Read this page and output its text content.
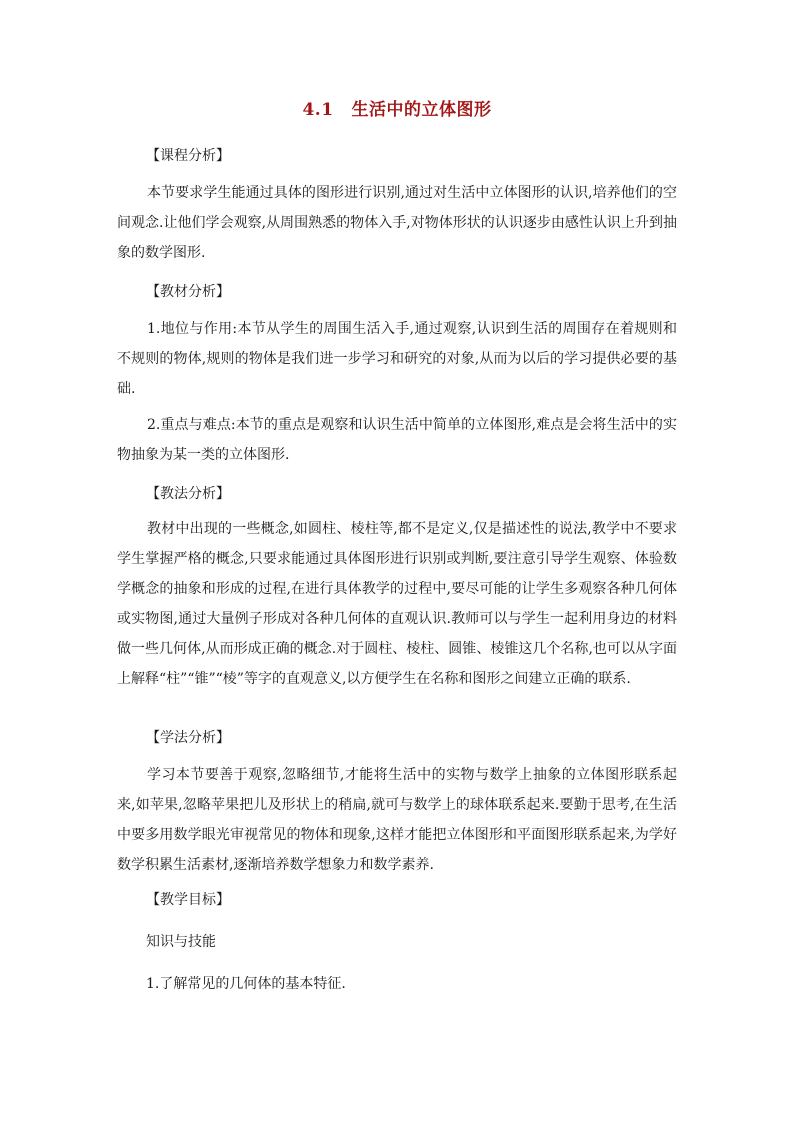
4.1 生活中的立体图形
【课程分析】

本节要求学生能通过具体的图形进行识别,通过对生活中立体图形的认识,培养他们的空间观念.让他们学会观察,从周围熟悉的物体入手,对物体形状的认识逐步由感性认识上升到抽象的数学图形.

【教材分析】

1.地位与作用:本节从学生的周围生活入手,通过观察,认识到生活的周围存在着规则和不规则的物体,规则的物体是我们进一步学习和研究的对象,从而为以后的学习提供必要的基础.

2.重点与难点:本节的重点是观察和认识生活中简单的立体图形,难点是会将生活中的实物抽象为某一类的立体图形.

【教法分析】

教材中出现的一些概念,如圆柱、棱柱等,都不是定义,仅是描述性的说法,教学中不要求学生掌握严格的概念,只要求能通过具体图形进行识别或判断,要注意引导学生观察、体验数学概念的抽象和形成的过程,在进行具体教学的过程中,要尽可能的让学生多观察各种几何体或实物图,通过大量例子形成对各种几何体的直观认识.教师可以与学生一起利用身边的材料做一些几何体,从而形成正确的概念.对于圆柱、棱柱、圆锥、棱锥这几个名称,也可以从字面上解释“柱”“锥”“棱”等字的直观意义,以方便学生在名称和图形之间建立正确的联系.

【学法分析】

学习本节要善于观察,忽略细节,才能将生活中的实物与数学上抽象的立体图形联系起来,如苹果,忽略苹果把儿及形状上的稍扁,就可与数学上的球体联系起来.要勤于思考,在生活中要多用数学眼光审视常见的物体和现象,这样才能把立体图形和平面图形联系起来,为学好数学积累生活素材,逐渐培养数学想象力和数学素养.

【教学目标】
知识与技能
1.了解常见的几何体的基本特征.
